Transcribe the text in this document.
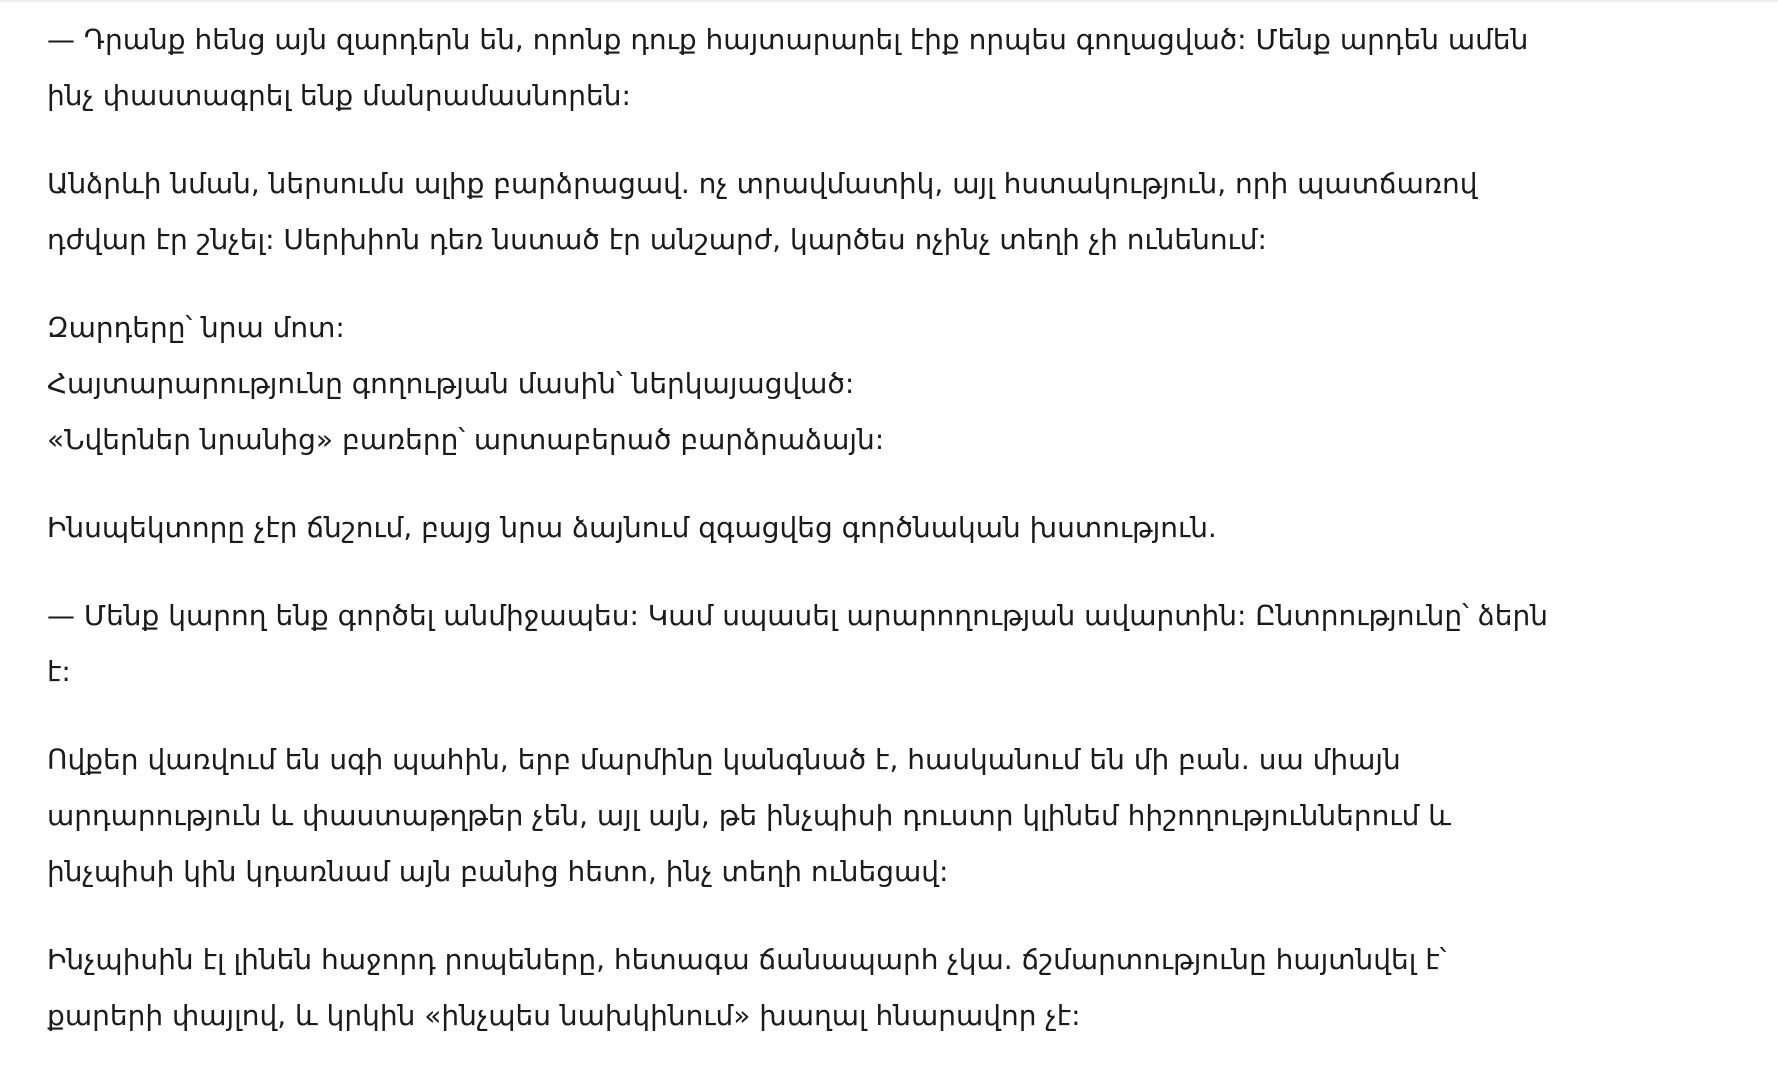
— Դրանք հենց այն զարդերն են, որոնք դուք հայտարարել էիք որպես գողացված: Մենք արդեն ամեն
ինչ փաստագրել ենք մանրամասնորեն:
Անձրևի նման, ներսումս ալիք բարձրացավ. ոչ տրավմատիկ, այլ հստակություն, որի պատճառով
դժվար էր շնչել: Սերխիոն դեռ նստած էր անշարժ, կարծես ոչինչ տեղի չի ունենում:
Զարդերը՝ նրա մոտ:
Հայտարարությունը գողության մասին՝ ներկայացված:
«Նվերներ նրանից» բառերը՝ արտաբերած բարձրաձայն:
Ինսպեկտորը չէր ճնշում, բայց նրա ձայնում զգացվեց գործնական խստություն.
— Մենք կարող ենք գործել անմիջապես: Կամ սպասել արարողության ավարտին: Ընտրությունը՝ ձերն
է:
Ովքեր վառվում են սգի պահին, երբ մարմինը կանգնած է, հասկանում են մի բան. սա միայն
արդարություն և փաստաթղթեր չեն, այլ այն, թե ինչպիսի դուստր կլինեմ հիշողություններում և
ինչպիսի կին կդառնամ այն բանից հետո, ինչ տեղի ունեցավ:
Ինչպիսին էլ լինեն հաջորդ րոպեները, հետագա ճանապարհ չկա. ճշմարտությունը հայտնվել է՝
քարերի փայլով, և կրկին «ինչպես նախկինում» խաղալ հնարավոր չէ:
